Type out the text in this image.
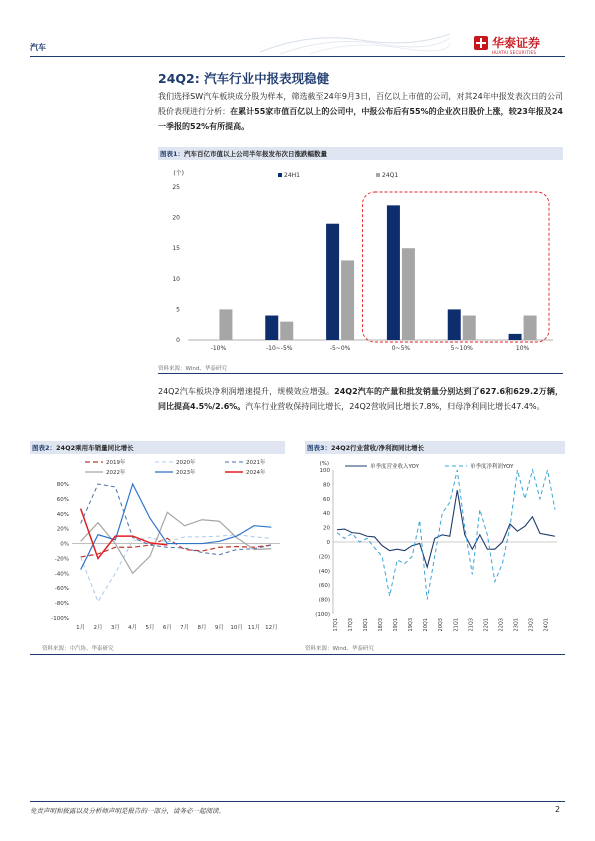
汽车	华泰证券
HUATAI SECURITIES
24Q2: 汽车行业中报表现稳健
我们选择SW汽车板块成分股为样本，筛选截至24年9月3日，百亿以上市值的公司，对其24年中报发表次日的公司股价表现进行分析：在累计55家市值百亿以上的公司中，中报公布后有55%的企业次日股价上涨，较23年报及24一季报的52%有所提高。
图表1：汽车百亿市值以上公司半年报发布次日涨跌幅数量
(个)
0
5
10
15
20
25
-10%	-10~-5%	-5~0%	0~5%	5~10%	10%
24H1	24Q1
资料来源：Wind、华泰研究
24Q2汽车板块净利润增速提升，规模效应增强。24Q2汽车的产量和批发销量分别达到了627.6和629.2万辆，同比提高4.5%/2.6%。汽车行业营收保持同比增长，24Q2营收同比增长7.8%，归母净利同比增长47.4%。
图表2：24Q2乘用车销量同比增长
80%
60%
40%
20%
0%
-20%
-40%
-60%
-80%
-100%
1月 2月 3月 4月 5月 6月 7月 8月 9月 10月 11月 12月
2019年	2020年	2021年
2022年	2023年	2024年
资料来源：中汽协、华泰研究
图表3：24Q2行业营收/净利润同比增长
(%)
100
80
60
40
20
0
(20)
(40)
(60)
(80)
(100)
17Q1 17Q3 18Q1 18Q3 19Q1 19Q3 20Q1 20Q3 21Q1 21Q3 22Q1 22Q3 23Q1 23Q3 24Q1
单季度营业收入YOY	单季度净利润YOY
资料来源：Wind、华泰研究
免责声明和披露以及分析师声明是报告的一部分，请务必一起阅读。	2
